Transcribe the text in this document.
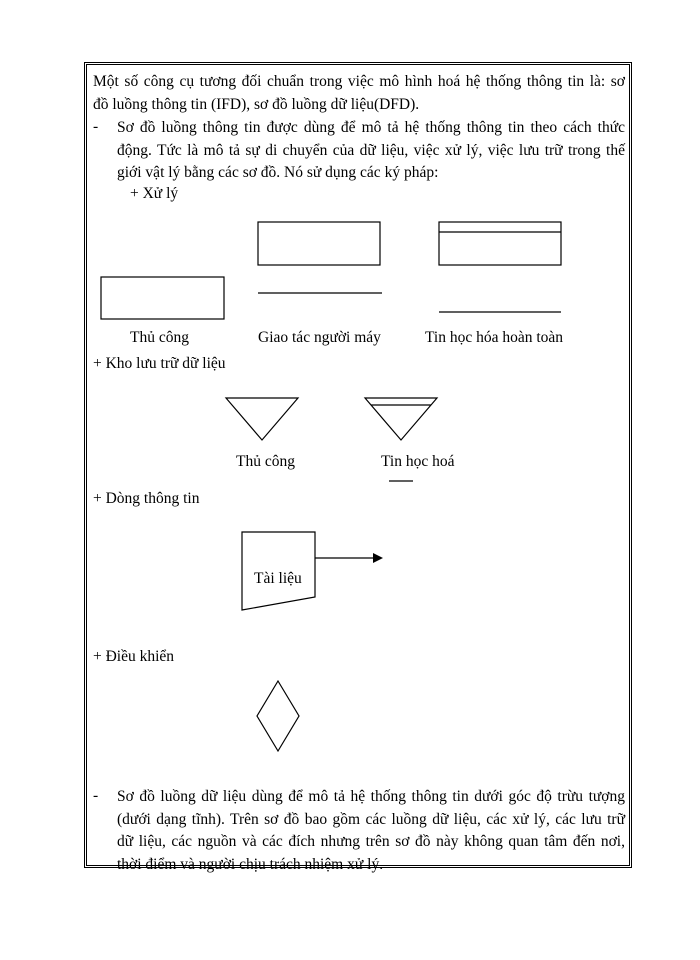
Một số công cụ tương đối chuẩn trong việc mô hình hoá hệ thống thông tin là: sơ
đồ luồng thông tin (IFD), sơ đồ luồng dữ liệu(DFD).
- Sơ đồ luồng thông tin được dùng để mô tả hệ thống thông tin theo cách thức
động. Tức là mô tả sự di chuyển của dữ liệu, việc xử lý, việc lưu trữ trong thế
giới vật lý bằng các sơ đồ. Nó sử dụng các ký pháp:
+ Xử lý
Thủ công	Giao tác người máy	Tin học hóa hoàn toàn
+ Kho lưu trữ dữ liệu
Thủ công	Tin học hoá
+ Dòng thông tin
Tài liệu
+ Điều khiển
- Sơ đồ luồng dữ liệu dùng để mô tả hệ thống thông tin dưới góc độ trừu tượng
(dưới dạng tĩnh). Trên sơ đồ bao gồm các luồng dữ liệu, các xử lý, các lưu trữ
dữ liệu, các nguồn và các đích nhưng trên sơ đồ này không quan tâm đến nơi,
thời điểm và người chịu trách nhiệm xử lý.
